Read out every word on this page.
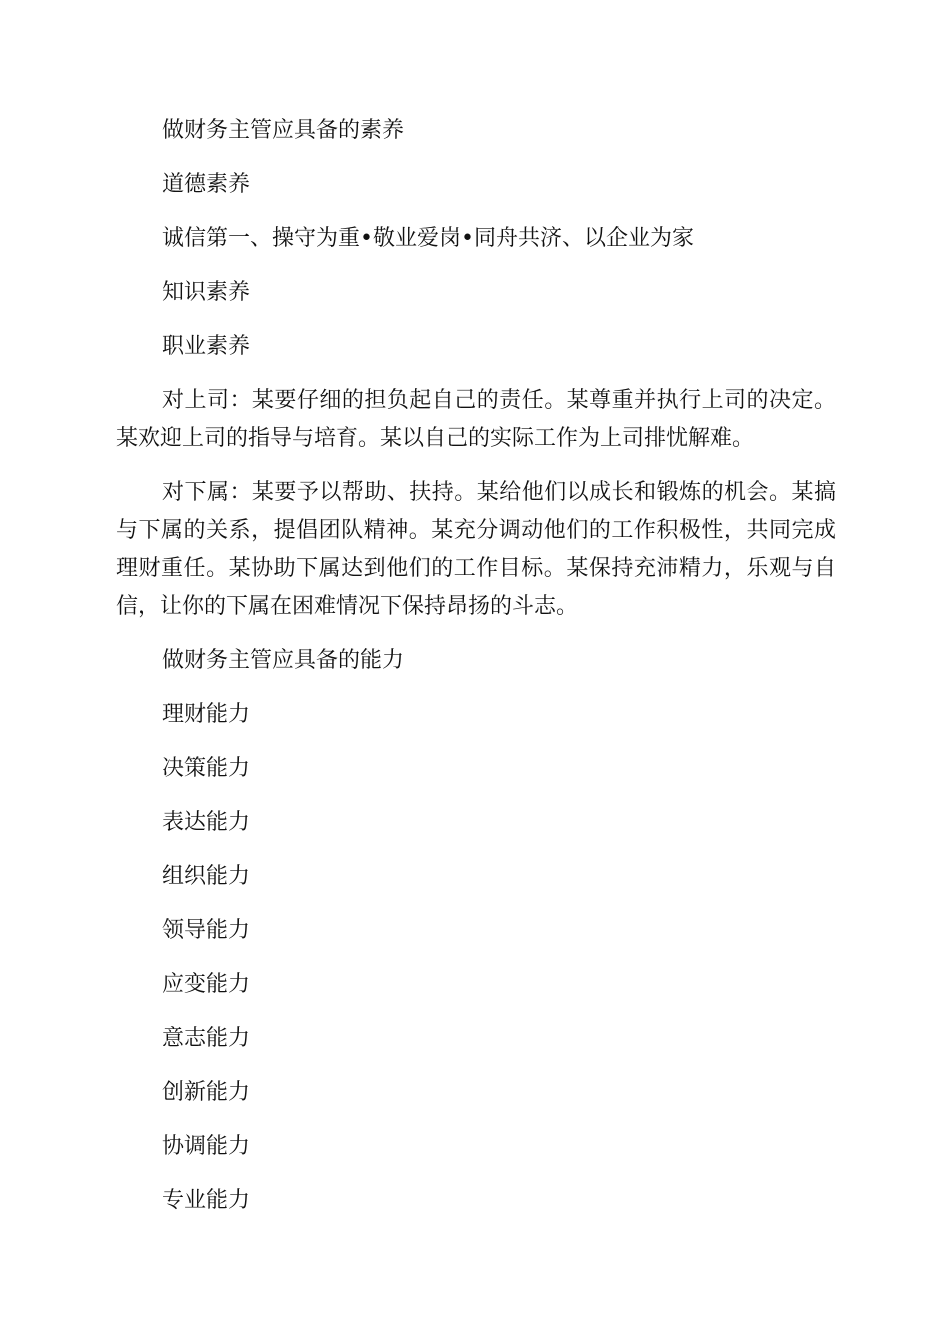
做财务主管应具备的素养

道德素养

诚信第一、操守为重•敬业爱岗•同舟共济、以企业为家

知识素养

职业素养

对上司：某要仔细的担负起自己的责任。某尊重并执行上司的决定。某欢迎上司的指导与培育。某以自己的实际工作为上司排忧解难。

对下属：某要予以帮助、扶持。某给他们以成长和锻炼的机会。某搞与下属的关系，提倡团队精神。某充分调动他们的工作积极性，共同完成理财重任。某协助下属达到他们的工作目标。某保持充沛精力，乐观与自信，让你的下属在困难情况下保持昂扬的斗志。

做财务主管应具备的能力

理财能力

决策能力

表达能力

组织能力

领导能力

应变能力

意志能力

创新能力

协调能力

专业能力
